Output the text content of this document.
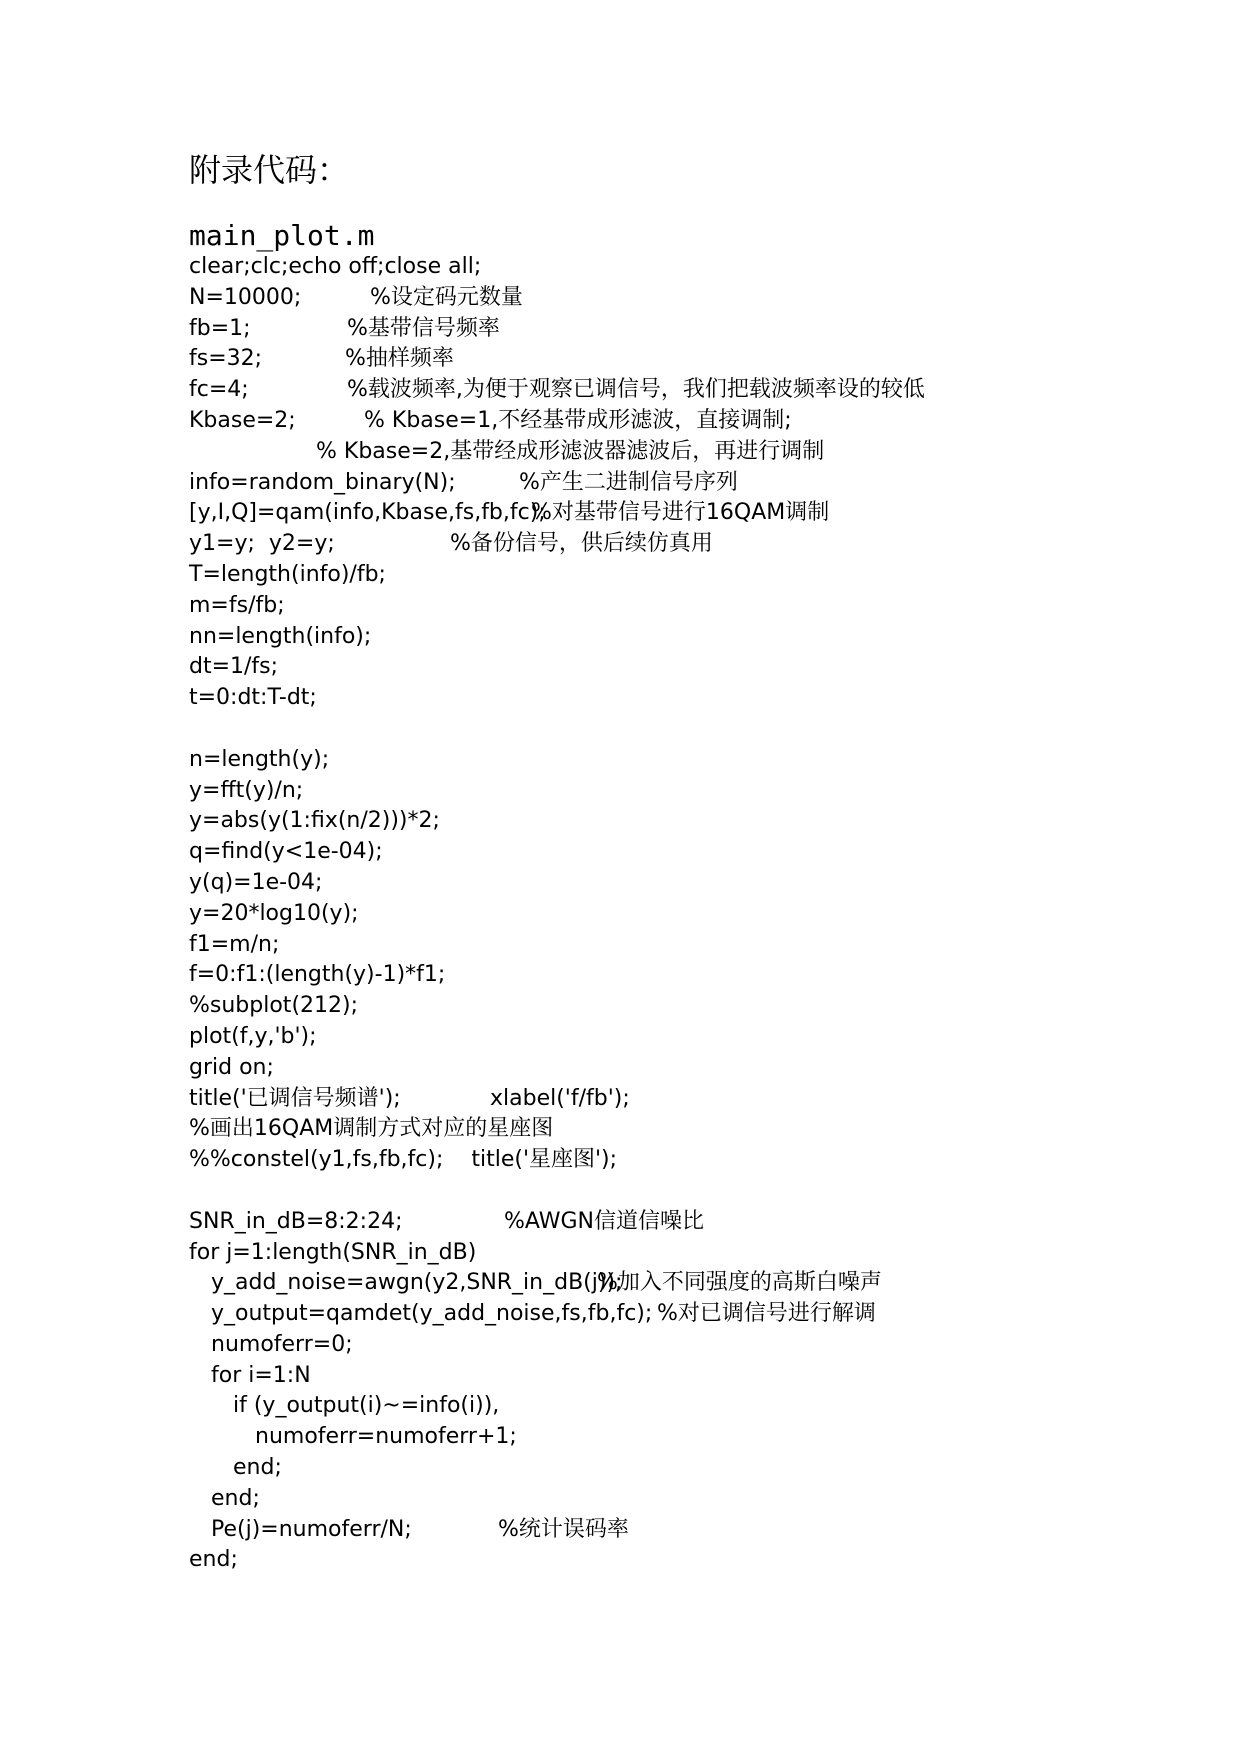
附录代码：
main_plot.m
clear;clc;echo off;close all;
N=10000;	%设定码元数量
fb=1;	%基带信号频率
fs=32;	%抽样频率
fc=4;	%载波频率,为便于观察已调信号，我们把载波频率设的较低
Kbase=2;	% Kbase=1,不经基带成形滤波，直接调制;
% Kbase=2,基带经成形滤波器滤波后，再进行调制
info=random_binary(N);	%产生二进制信号序列
[y,I,Q]=qam(info,Kbase,fs,fb,fc);
%对基带信号进行16QAM调制
y1=y;  y2=y;	%备份信号，供后续仿真用
T=length(info)/fb;
m=fs/fb;
nn=length(info);
dt=1/fs;
t=0:dt:T-dt;
n=length(y);
y=fft(y)/n;
y=abs(y(1:fix(n/2)))*2;
q=find(y<1e-04);
y(q)=1e-04;
y=20*log10(y);
f1=m/n;
f=0:f1:(length(y)-1)*f1;
%subplot(212);
plot(f,y,'b');
grid on;
title('已调信号频谱');	xlabel('f/fb');
%画出16QAM调制方式对应的星座图
%%constel(y1,fs,fb,fc);    title('星座图');
SNR_in_dB=8:2:24;	%AWGN信道信噪比
for j=1:length(SNR_in_dB)
y_add_noise=awgn(y2,SNR_in_dB(j));
%加入不同强度的高斯白噪声
y_output=qamdet(y_add_noise,fs,fb,fc); %对已调信号进行解调
numoferr=0;
for i=1:N
if (y_output(i)~=info(i)),
numoferr=numoferr+1;
end;
end;
Pe(j)=numoferr/N;	%统计误码率
end;
